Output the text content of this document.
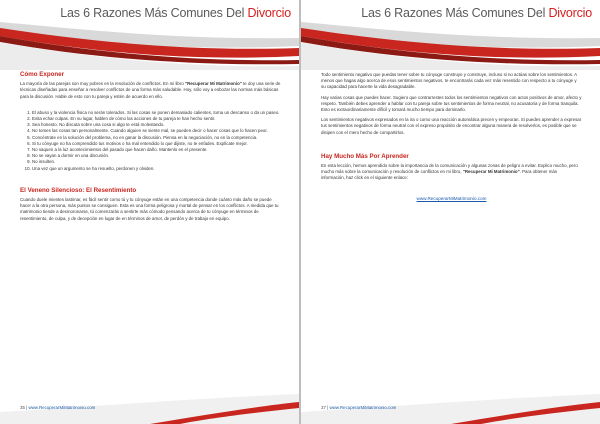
Las 6 Razones Más Comunes Del Divorcio
Cómo Exponer
La mayoría de las parejas son muy pobres en la resolución de conflictos. En mi libro "Recuperar Mi Matrimonio" te doy una serie de técnicas diseñadas para enseñar a resolver conflictos de una forma más saludable. Hoy, sólo voy a esbozar las normas más básicas para la discusión. Hable de esto con tu pareja y estén de acuerdo en ello.
1. El abuso y la violencia física no serán tolerados. Si las cosas se ponen demasiado calientes, toma un descanso o da un paseo.
2. Evita echar culpas. En su lugar, hablen de cómo las acciones de tu pareja te han hecho sentir.
3. Sea honesto. No discuta sobre una cosa si algo te está molestando.
4. No tomes las cosas tan personalmente. Cuando alguien se siente mal, se pueden decir o hacer cosas que lo hacen peor.
5. Concéntrate en la solución del problema, no en ganar la discusión. Piensa en la negociación, no en la competencia.
6. Si tu cónyuge no ha comprendido tus motivos o ha mal entendido lo que dijiste, no te enfades. Explícate mejor.
7. No saquen a la luz acontecimientos del pasado que hacen daño. Mantenlo en el presente.
8. No se vayan a dormir en una discusión.
9. No insulten.
10. Una vez que un argumento se ha resuelto, perdonen y olviden.
El Veneno Silencioso: El Resentimiento
Cuando duele mientes lastimar, es fácil sentir como tú y tu cónyuge están en una competencia donde cuánto más daño se puede hacer a la otra persona, más puntos se consiguen. Esta es una forma peligrosa y mortal de pensar en los conflictos. A medida que tu matrimonio tiende a desmoronarse, tú comenzarás a sentirte más cómodo pensando acerca de tu cónyuge en términos de resentimiento, de culpa, y de decepción en lugar de en términos de amor, de perdón y de trabajo en equipo.
35 | www.RecuperarMiMatrimonio.com
Las 6 Razones Más Comunes Del Divorcio
Todo sentimiento negativo que puedas tener sobre tu cónyuge construye y construye, incluso si no actúas sobre los sentimientos. A menos que hagas algo acerca de esos sentimientos negativos, te encontrarás cada vez más resentido con respecto a tu cónyuge y su capacidad para hacerte la vida desagradable.
Hay varias cosas que puedes hacer. Sugiero que contrarrestes todos los sentimientos negativos con actos positivos de amor, afecto y respeto. También debes aprender a hablar con tu pareja sobre tus sentimientos de forma neutral, no acusatoria y de forma tranquila. Esto es extraordinariamente difícil y tomará mucho tiempo para dominarlo.
Los sentimientos negativos expresados en la ira o como una reacción automática precen y empeoran. Si puedes aprender a expresar tus sentimientos negativos de forma neutral con el expreso propósito de encontrar alguna manera de resolverlos, es posible que se disipen con el mero hecho de compartirlos.
Hay Mucho Más Por Aprender
En esta lección, hemos aprendido sobre la importancia de la comunicación y algunas zonas de peligro a evitar. Explico mucho, pero mucho más sobre la comunicación y resolución de conflictos en mi libro, "Recuperar Mi Matrimonio". Para obtener más información, haz click en el siguiente enlace:
www.RecuperarMiMatrimonio.com
37 | www.RecuperarMiMatrimonio.com
